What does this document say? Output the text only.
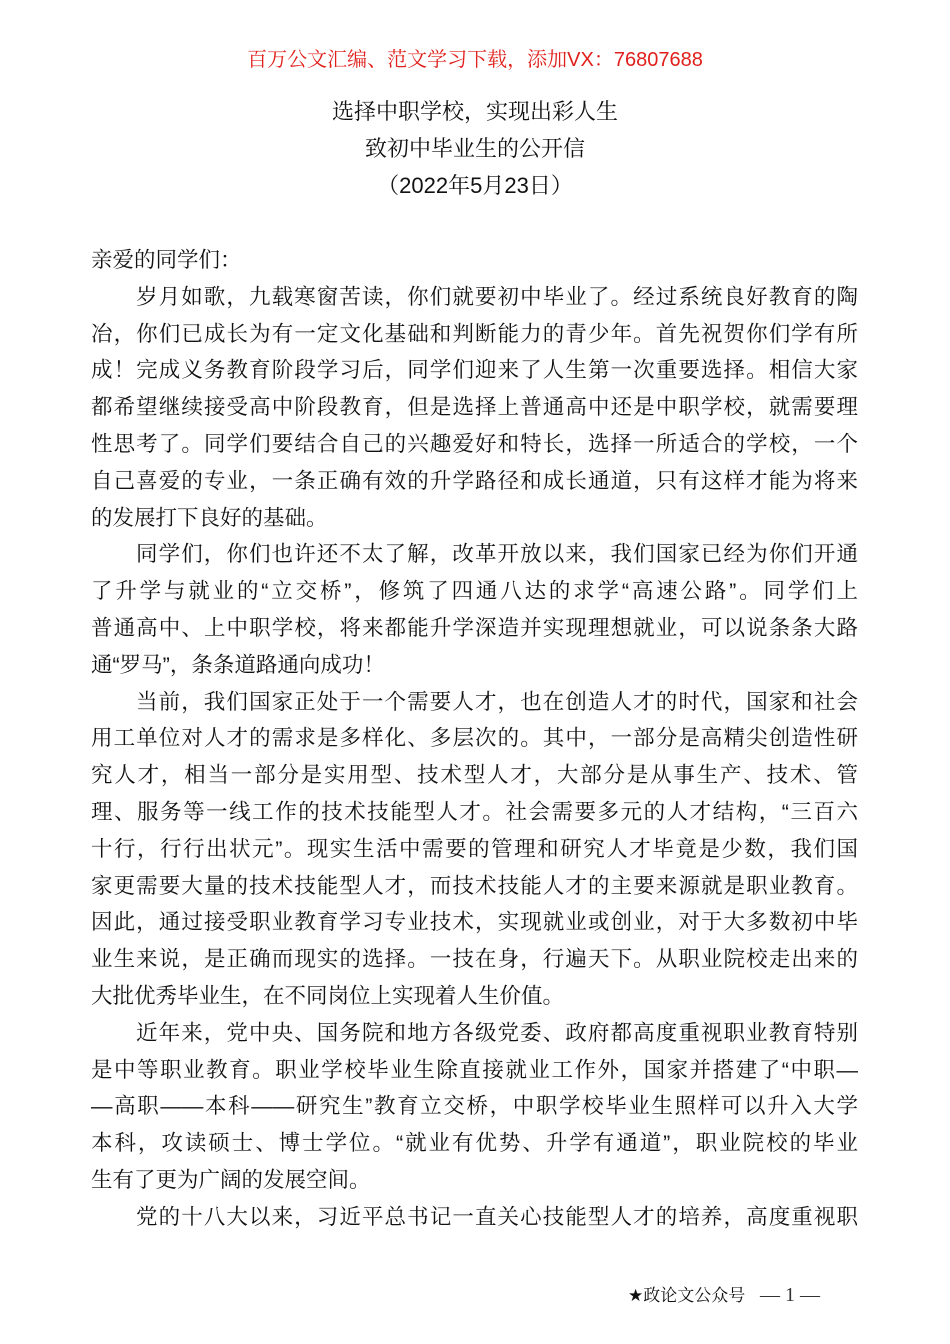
百万公文汇编、范文学习下载，添加VX：76807688
选择中职学校，实现出彩人生
致初中毕业生的公开信
（2022年5月23日）
亲爱的同学们：
岁月如歌，九载寒窗苦读，你们就要初中毕业了。经过系统良好教育的陶
冶，你们已成长为有一定文化基础和判断能力的青少年。首先祝贺你们学有所
成！完成义务教育阶段学习后，同学们迎来了人生第一次重要选择。相信大家
都希望继续接受高中阶段教育，但是选择上普通高中还是中职学校，就需要理
性思考了。同学们要结合自己的兴趣爱好和特长，选择一所适合的学校，一个
自己喜爱的专业，一条正确有效的升学路径和成长通道，只有这样才能为将来
的发展打下良好的基础。
同学们，你们也许还不太了解，改革开放以来，我们国家已经为你们开通
了升学与就业的“立交桥”，修筑了四通八达的求学“高速公路”。同学们上
普通高中、上中职学校，将来都能升学深造并实现理想就业，可以说条条大路
通“罗马”，条条道路通向成功！
当前，我们国家正处于一个需要人才，也在创造人才的时代，国家和社会
用工单位对人才的需求是多样化、多层次的。其中，一部分是高精尖创造性研
究人才，相当一部分是实用型、技术型人才，大部分是从事生产、技术、管
理、服务等一线工作的技术技能型人才。社会需要多元的人才结构，“三百六
十行，行行出状元”。现实生活中需要的管理和研究人才毕竟是少数，我们国
家更需要大量的技术技能型人才，而技术技能人才的主要来源就是职业教育。
因此，通过接受职业教育学习专业技术，实现就业或创业，对于大多数初中毕
业生来说，是正确而现实的选择。一技在身，行遍天下。从职业院校走出来的
大批优秀毕业生，在不同岗位上实现着人生价值。
近年来，党中央、国务院和地方各级党委、政府都高度重视职业教育特别
是中等职业教育。职业学校毕业生除直接就业工作外，国家并搭建了“中职—
—高职——本科——研究生”教育立交桥，中职学校毕业生照样可以升入大学
本科，攻读硕士、博士学位。“就业有优势、升学有通道”，职业院校的毕业
生有了更为广阔的发展空间。
党的十八大以来，习近平总书记一直关心技能型人才的培养，高度重视职
★政论文公众号 — 1 —
